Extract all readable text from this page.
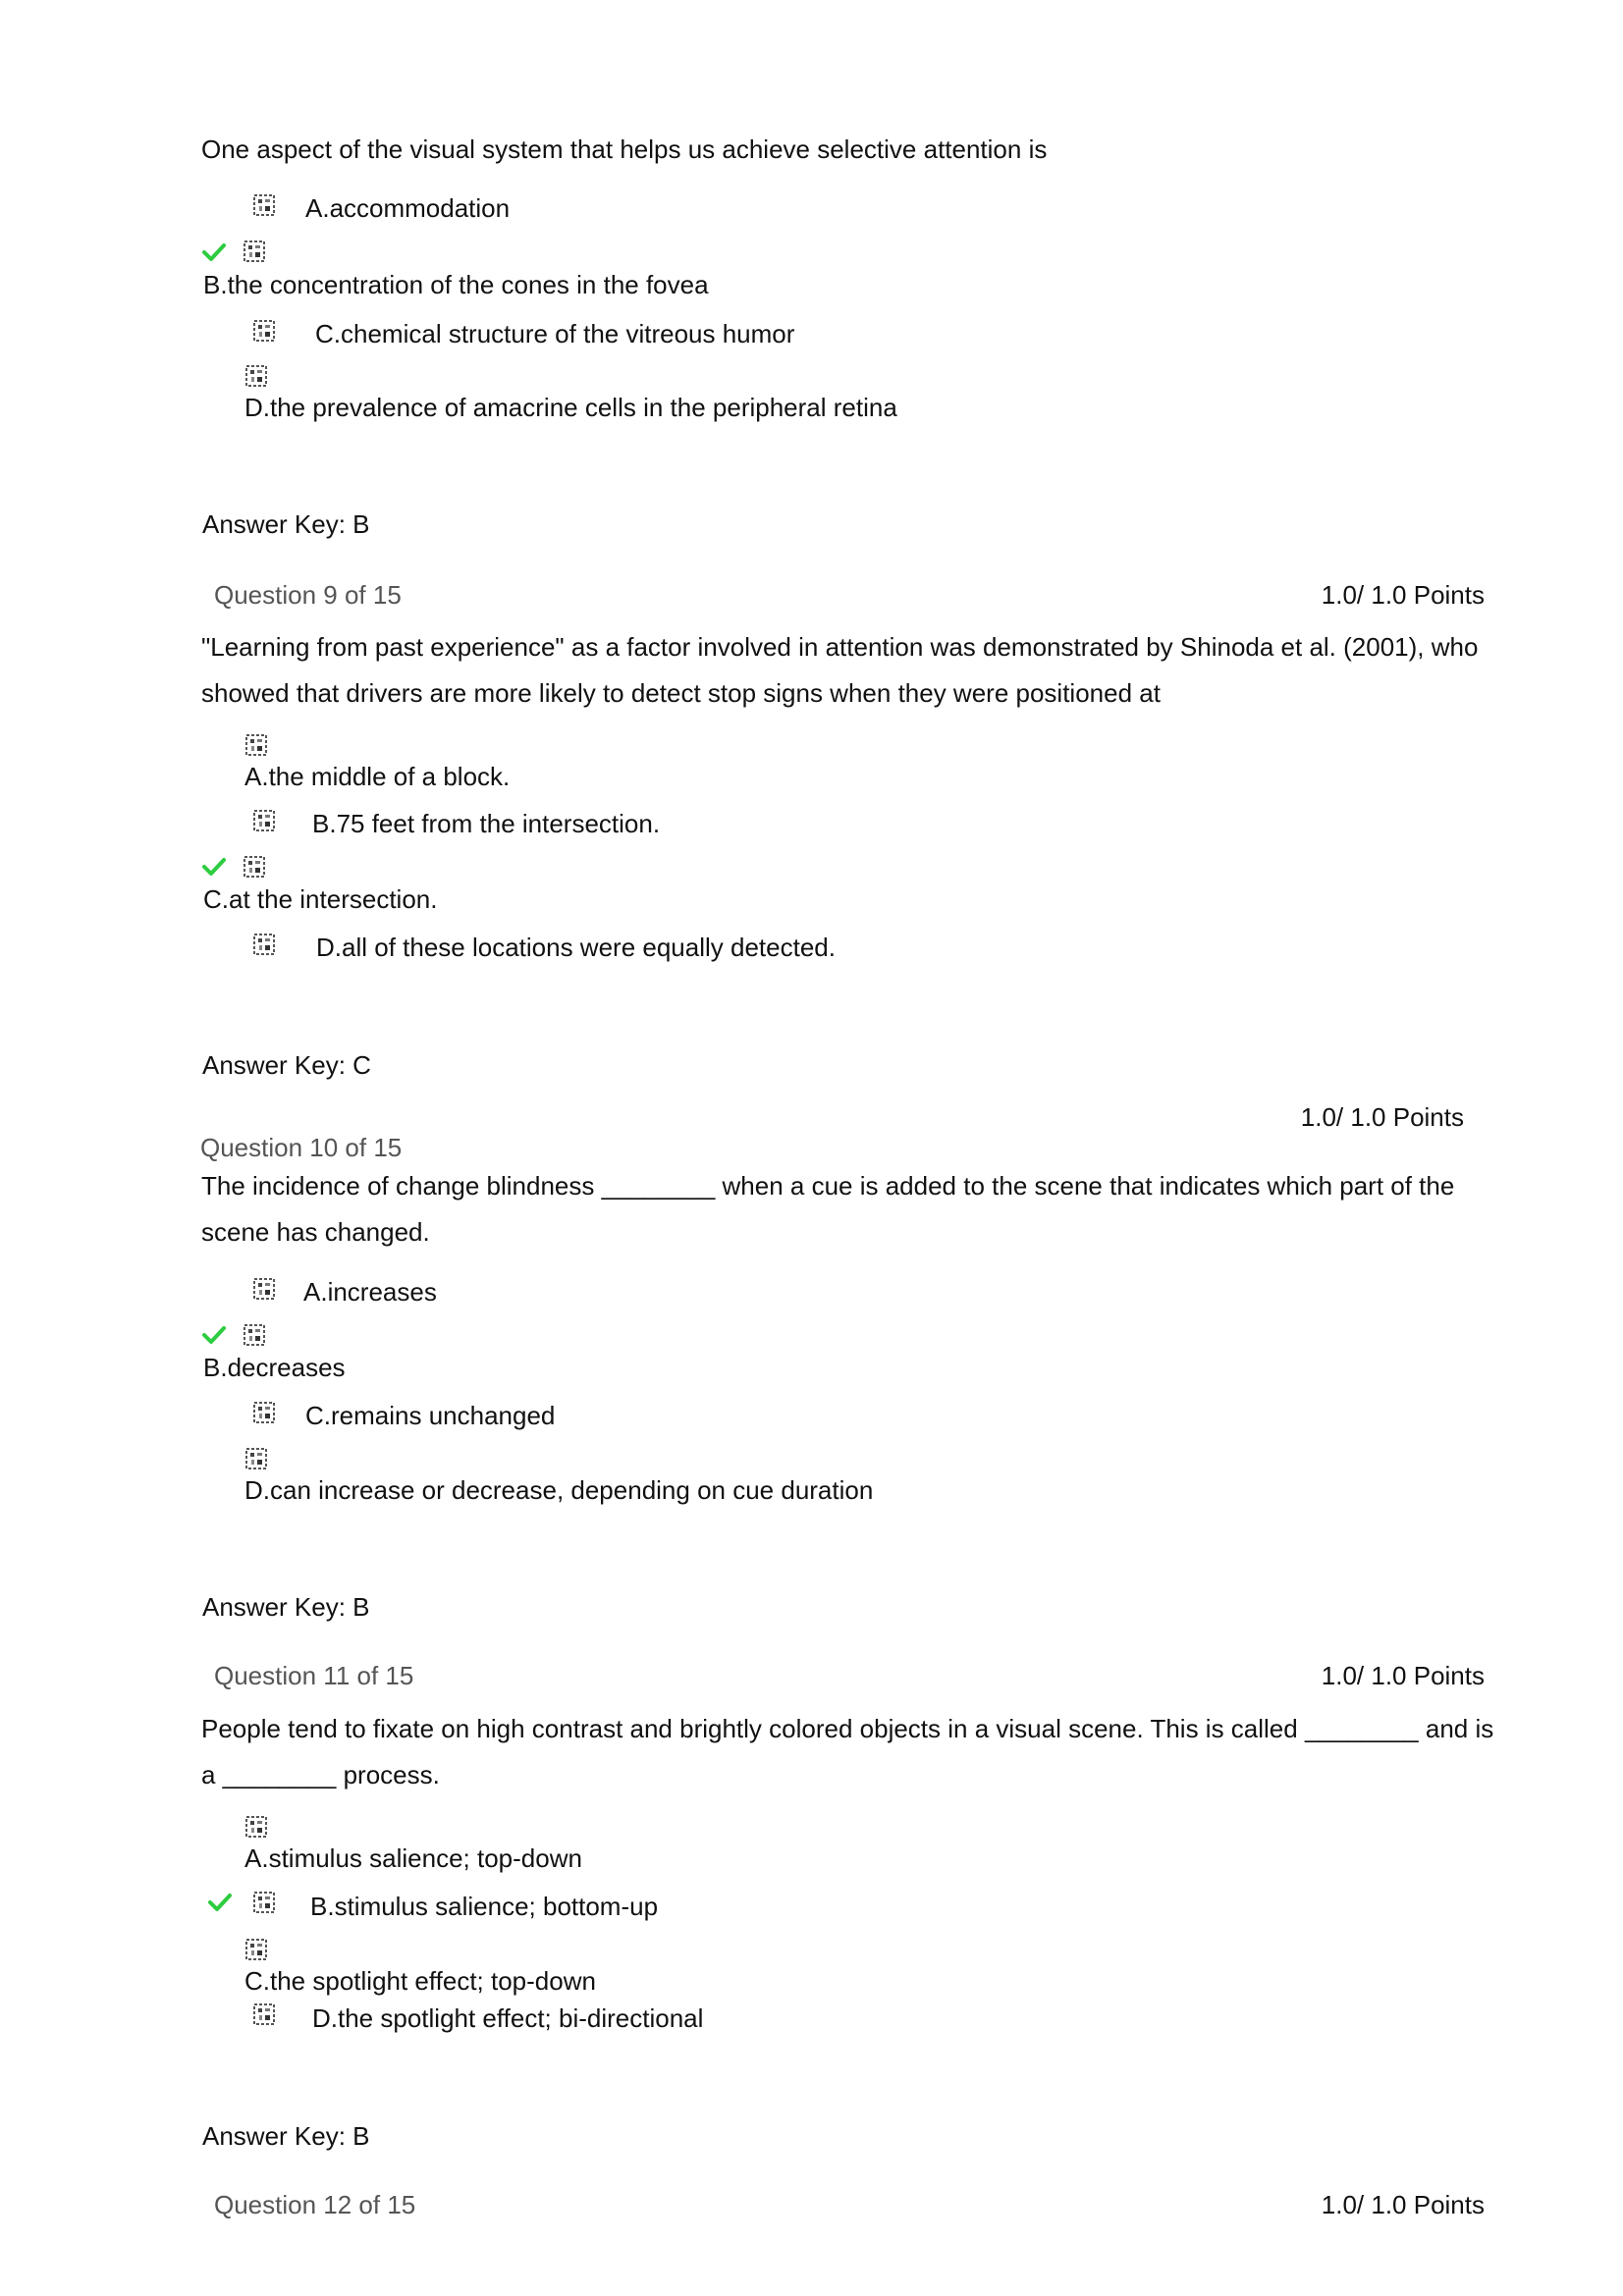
One aspect of the visual system that helps us achieve selective attention is
A.accommodation
B.the concentration of the cones in the fovea
C.chemical structure of the vitreous humor
D.the prevalence of amacrine cells in the peripheral retina
Answer Key: B
Question 9 of 15	1.0/ 1.0 Points
"Learning from past experience" as a factor involved in attention was demonstrated by Shinoda et al. (2001), who
showed that drivers are more likely to detect stop signs when they were positioned at
A.the middle of a block.
B.75 feet from the intersection.
C.at the intersection.
D.all of these locations were equally detected.
Answer Key: C
1.0/ 1.0 Points
Question 10 of 15
The incidence of change blindness ________ when a cue is added to the scene that indicates which part of the
scene has changed.
A.increases
B.decreases
C.remains unchanged
D.can increase or decrease, depending on cue duration
Answer Key: B
Question 11 of 15	1.0/ 1.0 Points
People tend to fixate on high contrast and brightly colored objects in a visual scene. This is called ________ and is
a ________ process.
A.stimulus salience; top-down
B.stimulus salience; bottom-up
C.the spotlight effect; top-down
D.the spotlight effect; bi-directional
Answer Key: B
Question 12 of 15	1.0/ 1.0 Points
